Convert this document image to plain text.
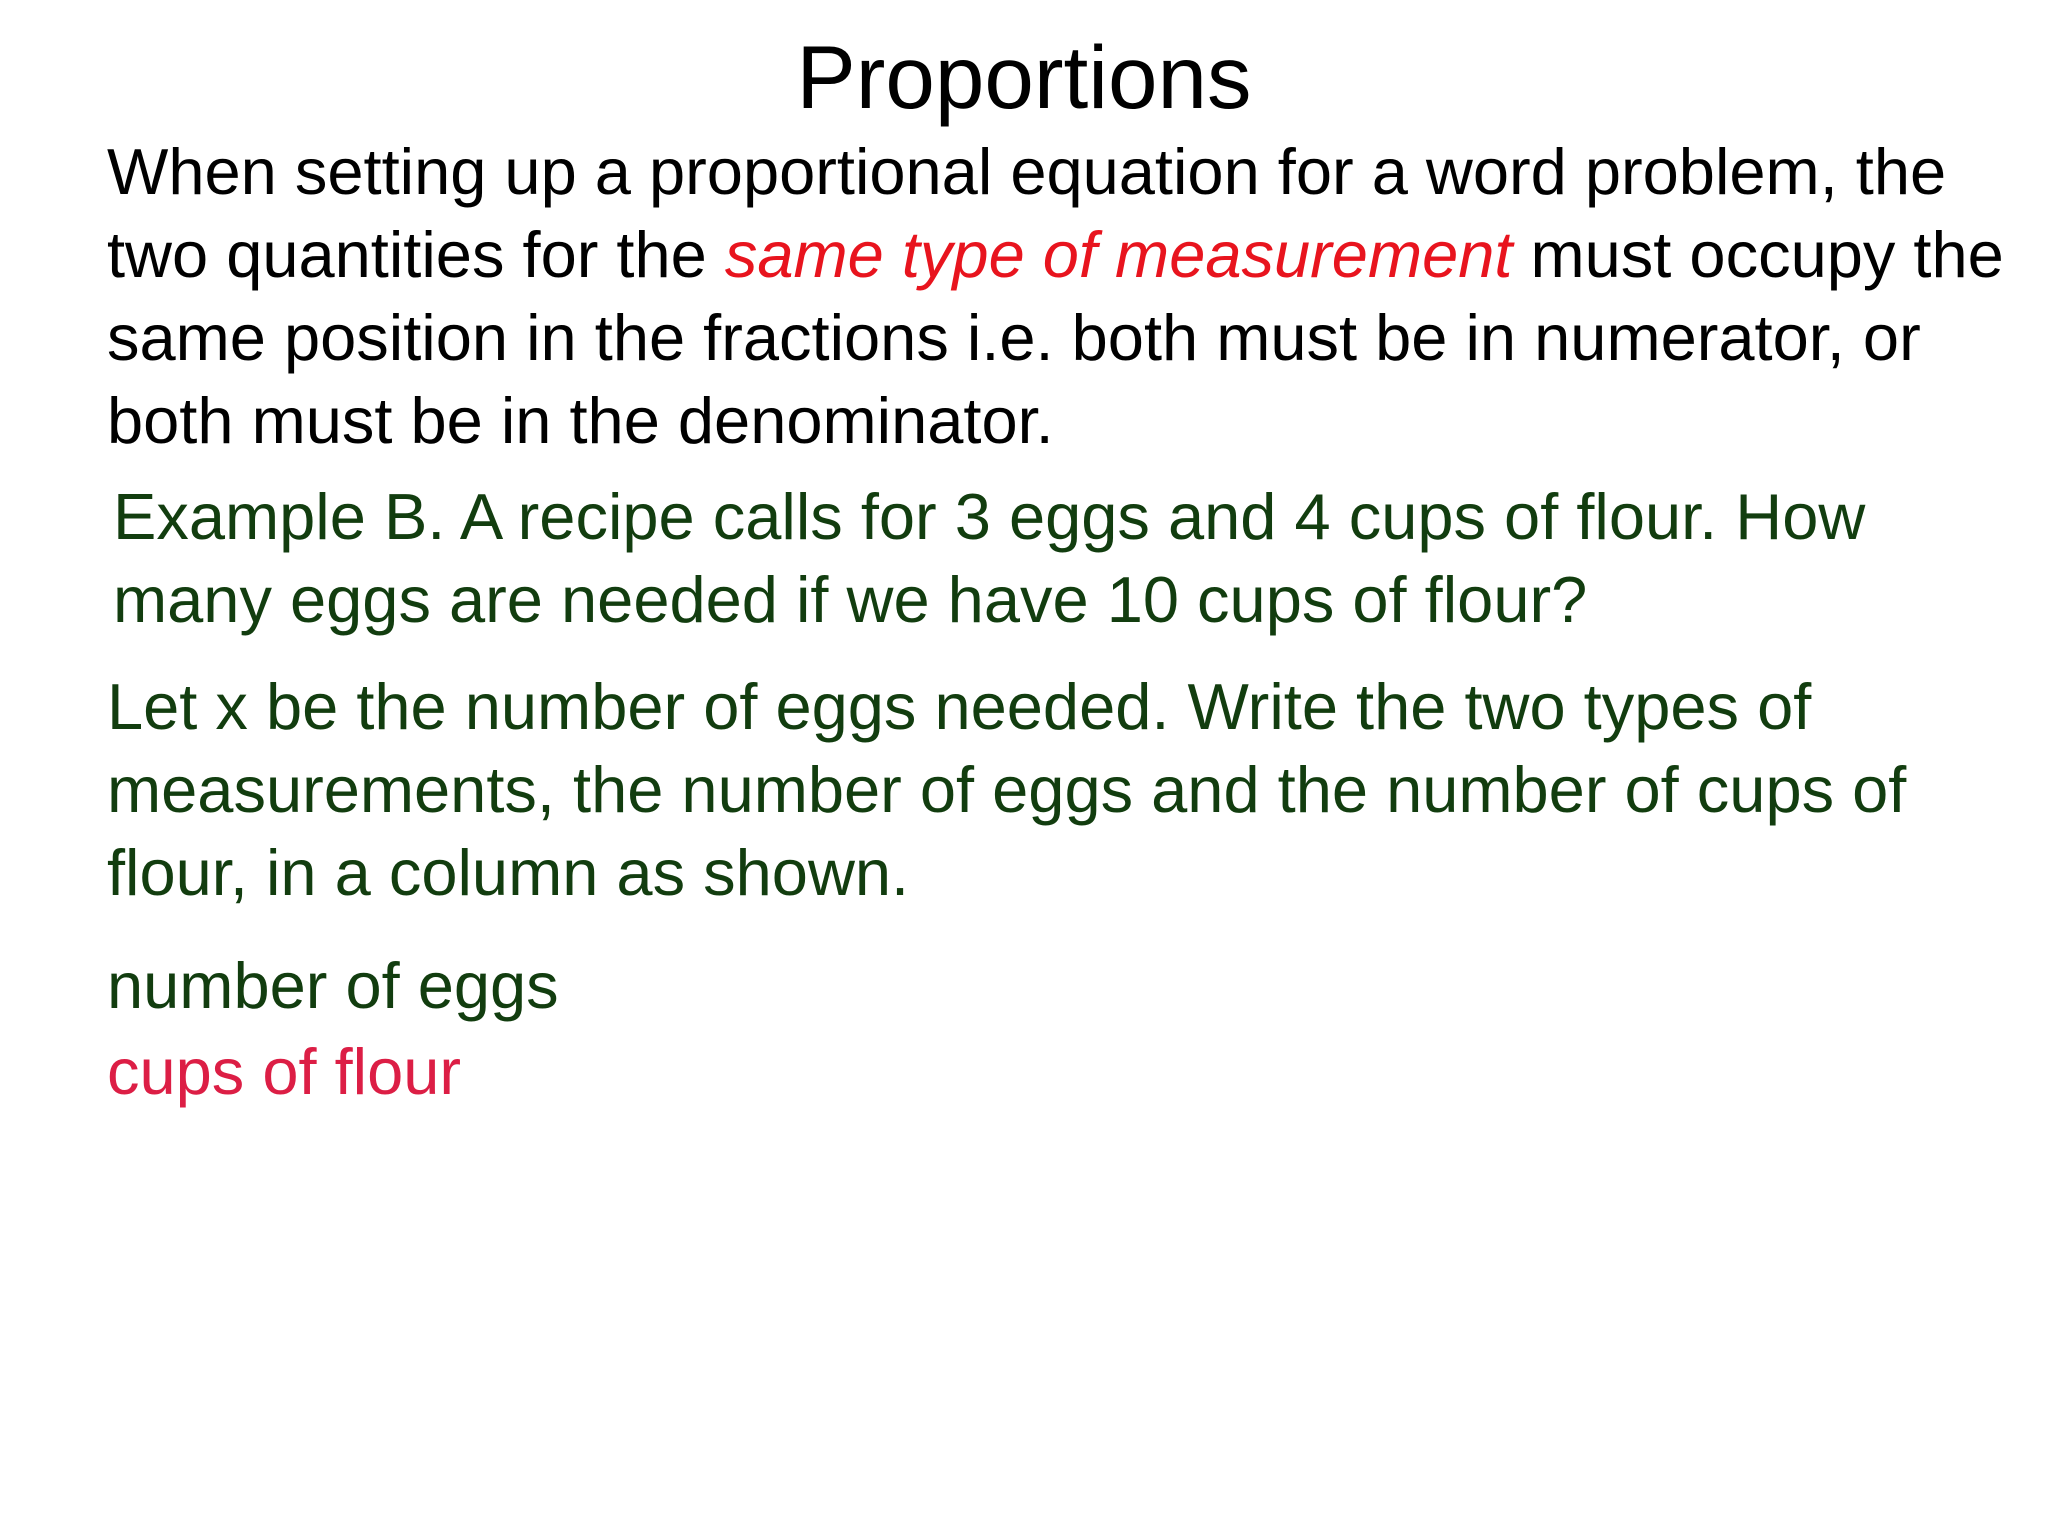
Proportions
When setting up a proportional equation for a word problem, the two quantities for the same type of measurement must occupy the same position in the fractions i.e. both must be in numerator, or both must be in the denominator.
Example B. A recipe calls for 3 eggs and 4 cups of flour. How many eggs are needed if we have 10 cups of flour?
Let x be the number of eggs needed. Write the two types of measurements, the number of eggs and the number of cups of flour, in a column as shown.
number of eggs
cups of flour
